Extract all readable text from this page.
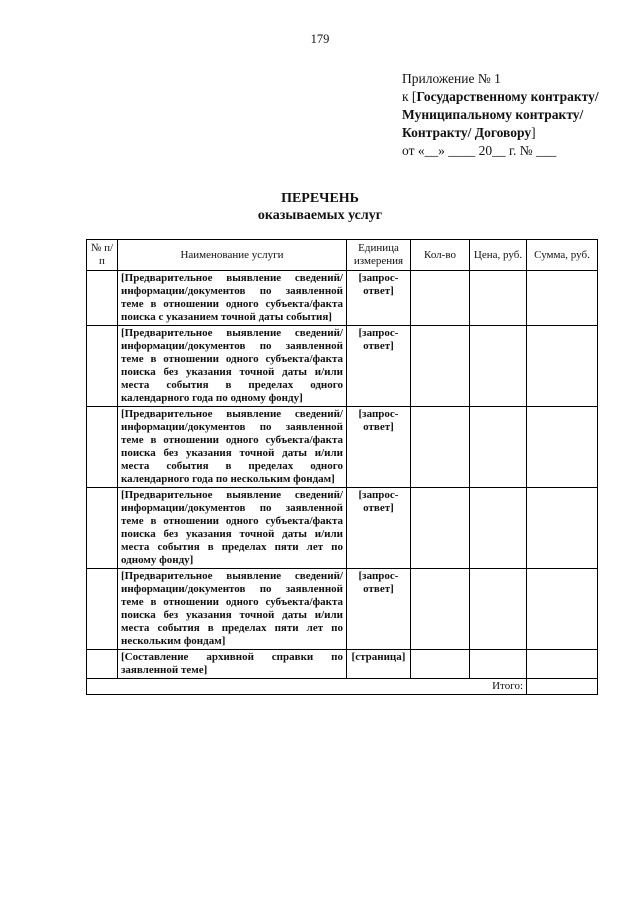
179
Приложение № 1
к [Государственному контракту/Муниципальному контракту/Контракту/ Договору]
от «__» ____ 20__ г. № ___
ПЕРЕЧЕНЬ
оказываемых услуг
№ п/п	Наименование услуги	Единица измерения	Кол-во	Цена, руб.	Сумма, руб.
	[Предварительное выявление сведений/информации/документов по заявленной теме в отношении одного субъекта/факта поиска с указанием точной даты события]	[запрос-ответ]			
	[Предварительное выявление сведений/информации/документов по заявленной теме в отношении одного субъекта/факта поиска без указания точной даты и/или места события в пределах одного календарного года по одному фонду]	[запрос-ответ]			
	[Предварительное выявление сведений/информации/документов по заявленной теме в отношении одного субъекта/факта поиска без указания точной даты и/или места события в пределах одного календарного года по нескольким фондам]	[запрос-ответ]			
	[Предварительное выявление сведений/информации/документов по заявленной теме в отношении одного субъекта/факта поиска без указания точной даты и/или места события в пределах пяти лет по одному фонду]	[запрос-ответ]			
	[Предварительное выявление сведений/информации/документов по заявленной теме в отношении одного субъекта/факта поиска без указания точной даты и/или места события в пределах пяти лет по нескольким фондам]	[запрос-ответ]			
	[Составление архивной справки по заявленной теме]	[страница]			
Итого:					
